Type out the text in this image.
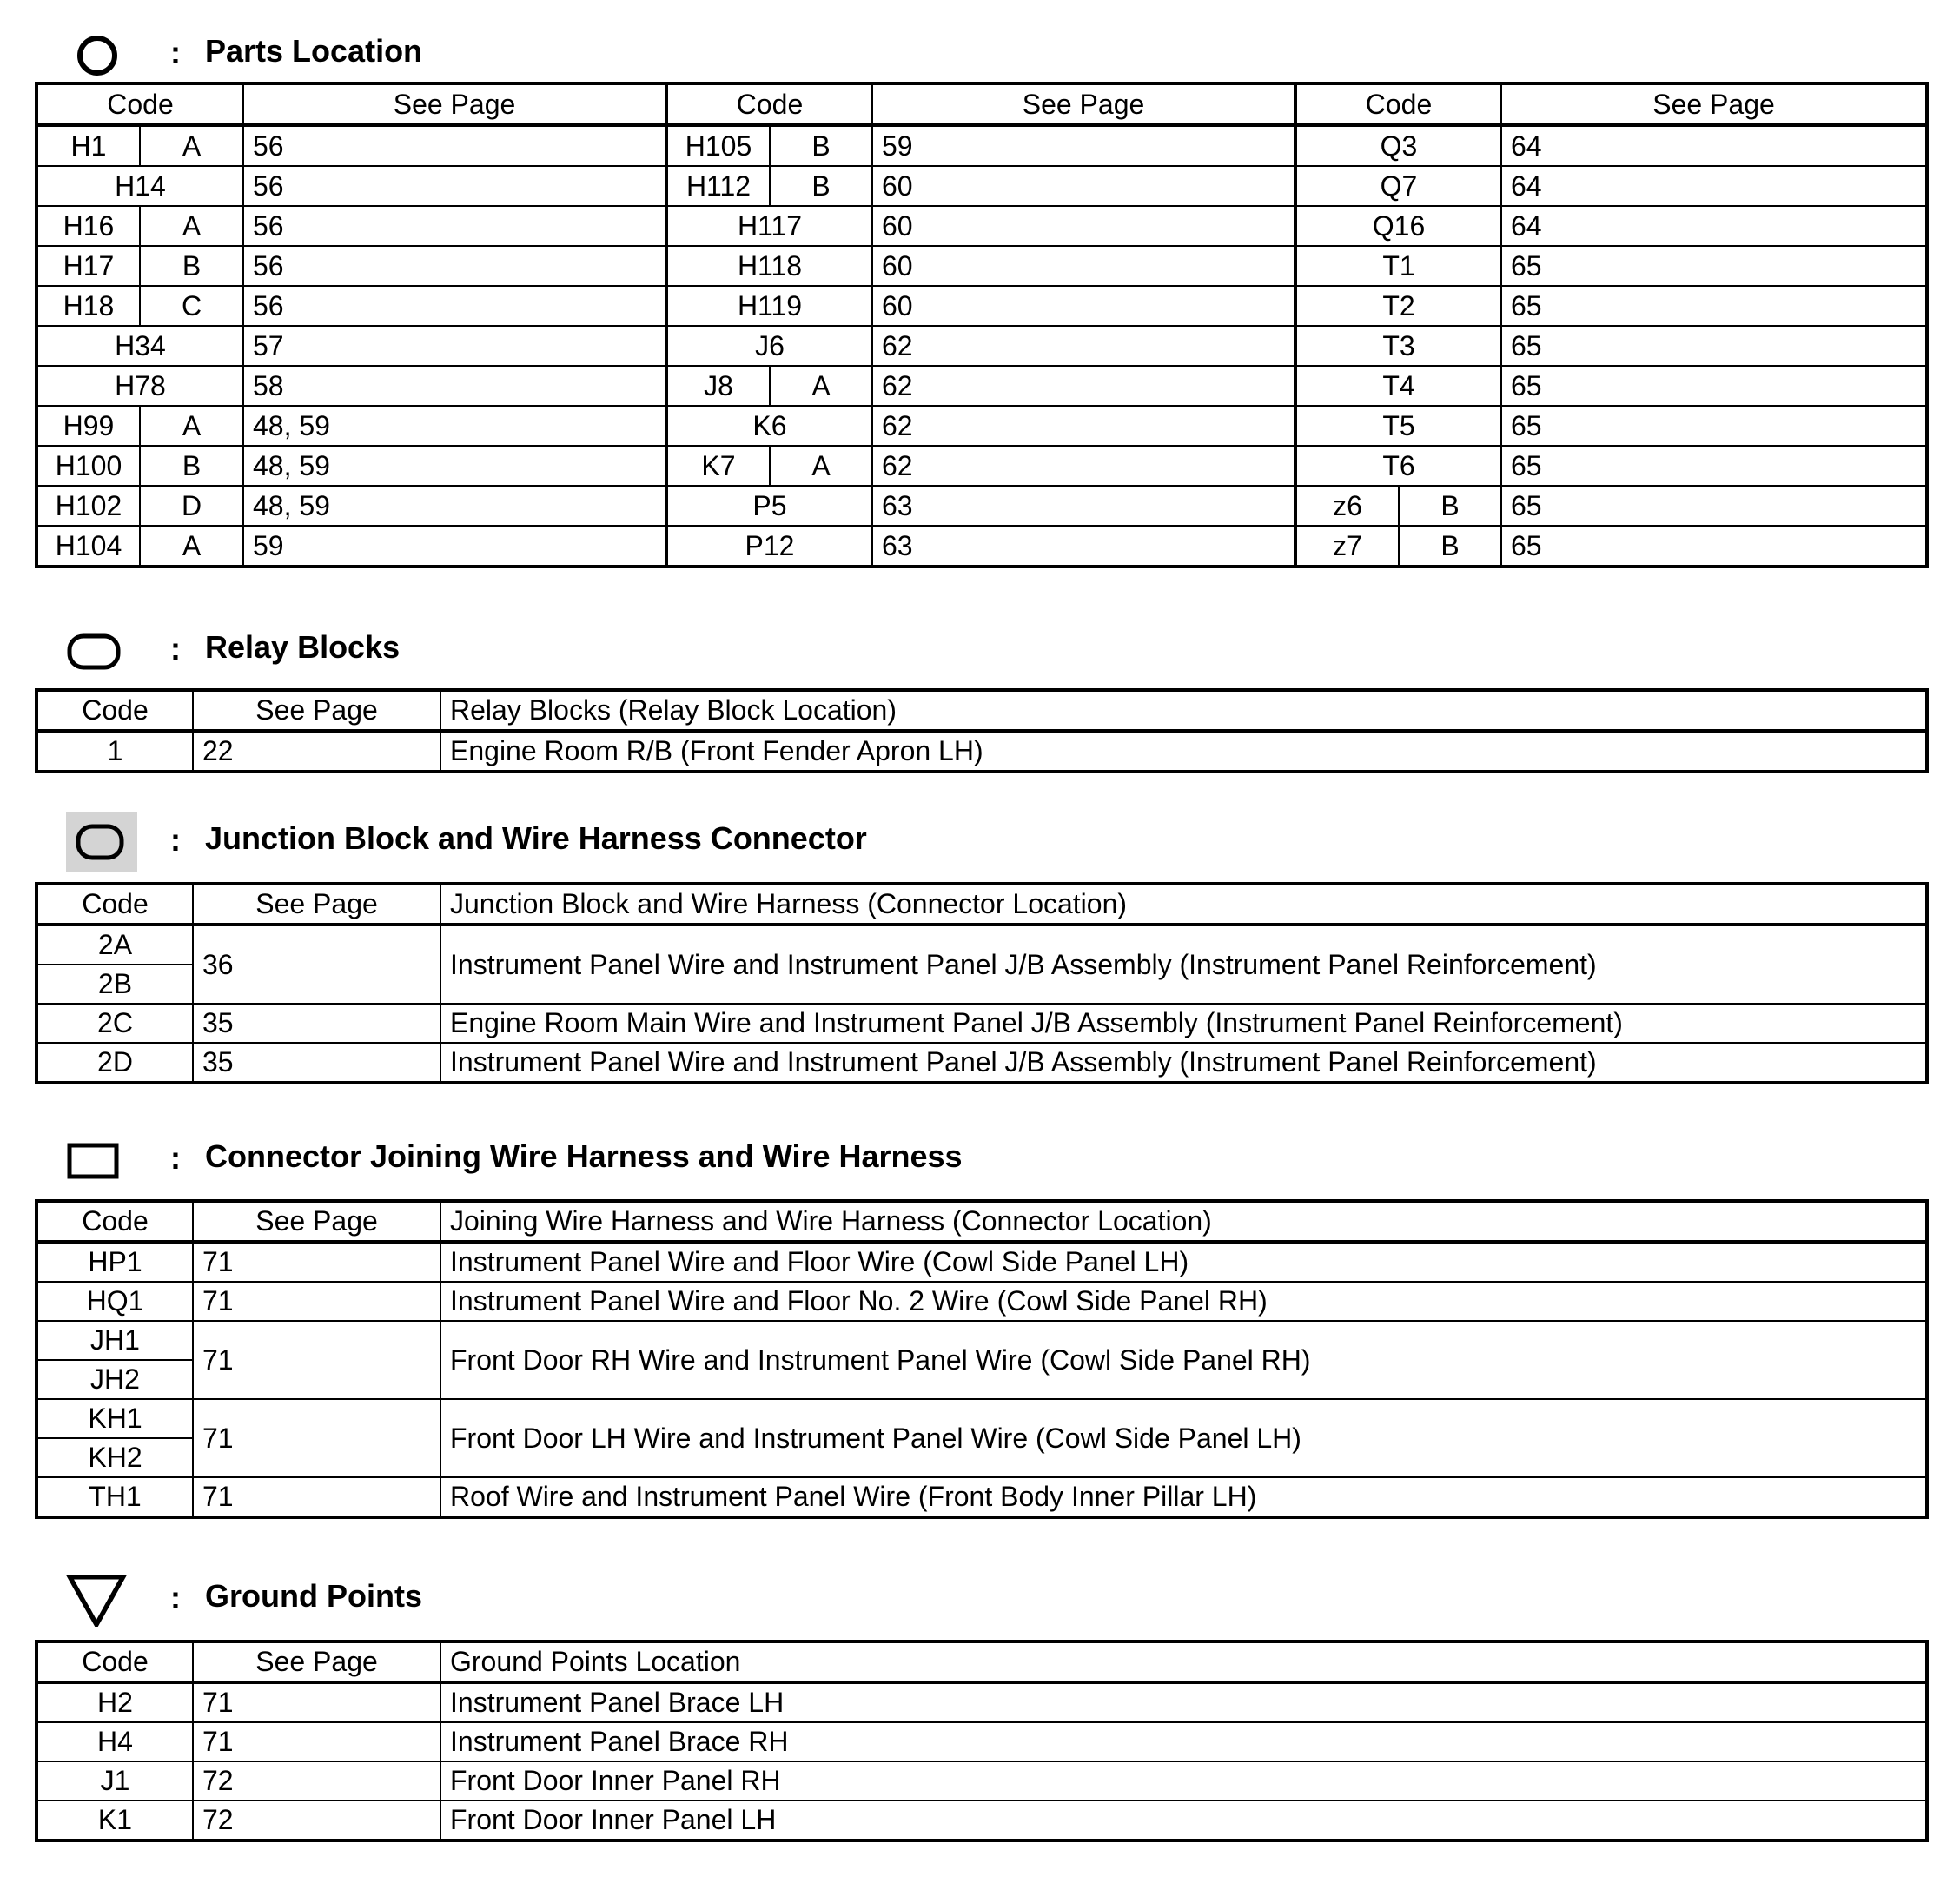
: Parts Location
Code		See Page	Code		See Page	Code		See Page
H1	A	56	H105	B	59	Q3		64
H14		56	H112	B	60	Q7		64
H16	A	56	H117		60	Q16		64
H17	B	56	H118		60	T1		65
H18	C	56	H119		60	T2		65
H34		57	J6		62	T3		65
H78		58	J8	A	62	T4		65
H99	A	48, 59	K6		62	T5		65
H100	B	48, 59	K7	A	62	T6		65
H102	D	48, 59	P5		63	z6	B	65
H104	A	59	P12		63	z7	B	65
: Relay Blocks
Code	See Page	Relay Blocks (Relay Block Location)
1	22	Engine Room R/B (Front Fender Apron LH)
: Junction Block and Wire Harness Connector
Code	See Page	Junction Block and Wire Harness (Connector Location)
2A	36	Instrument Panel Wire and Instrument Panel J/B Assembly (Instrument Panel Reinforcement)
2B		
2C	35	Engine Room Main Wire and Instrument Panel J/B Assembly (Instrument Panel Reinforcement)
2D	35	Instrument Panel Wire and Instrument Panel J/B Assembly (Instrument Panel Reinforcement)
: Connector Joining Wire Harness and Wire Harness
Code	See Page	Joining Wire Harness and Wire Harness (Connector Location)
HP1	71	Instrument Panel Wire and Floor Wire (Cowl Side Panel LH)
HQ1	71	Instrument Panel Wire and Floor No. 2 Wire (Cowl Side Panel RH)
JH1	71	Front Door RH Wire and Instrument Panel Wire (Cowl Side Panel RH)
JH2		
KH1	71	Front Door LH Wire and Instrument Panel Wire (Cowl Side Panel LH)
KH2		
TH1	71	Roof Wire and Instrument Panel Wire (Front Body Inner Pillar LH)
: Ground Points
Code	See Page	Ground Points Location
H2	71	Instrument Panel Brace LH
H4	71	Instrument Panel Brace RH
J1	72	Front Door Inner Panel RH
K1	72	Front Door Inner Panel LH
